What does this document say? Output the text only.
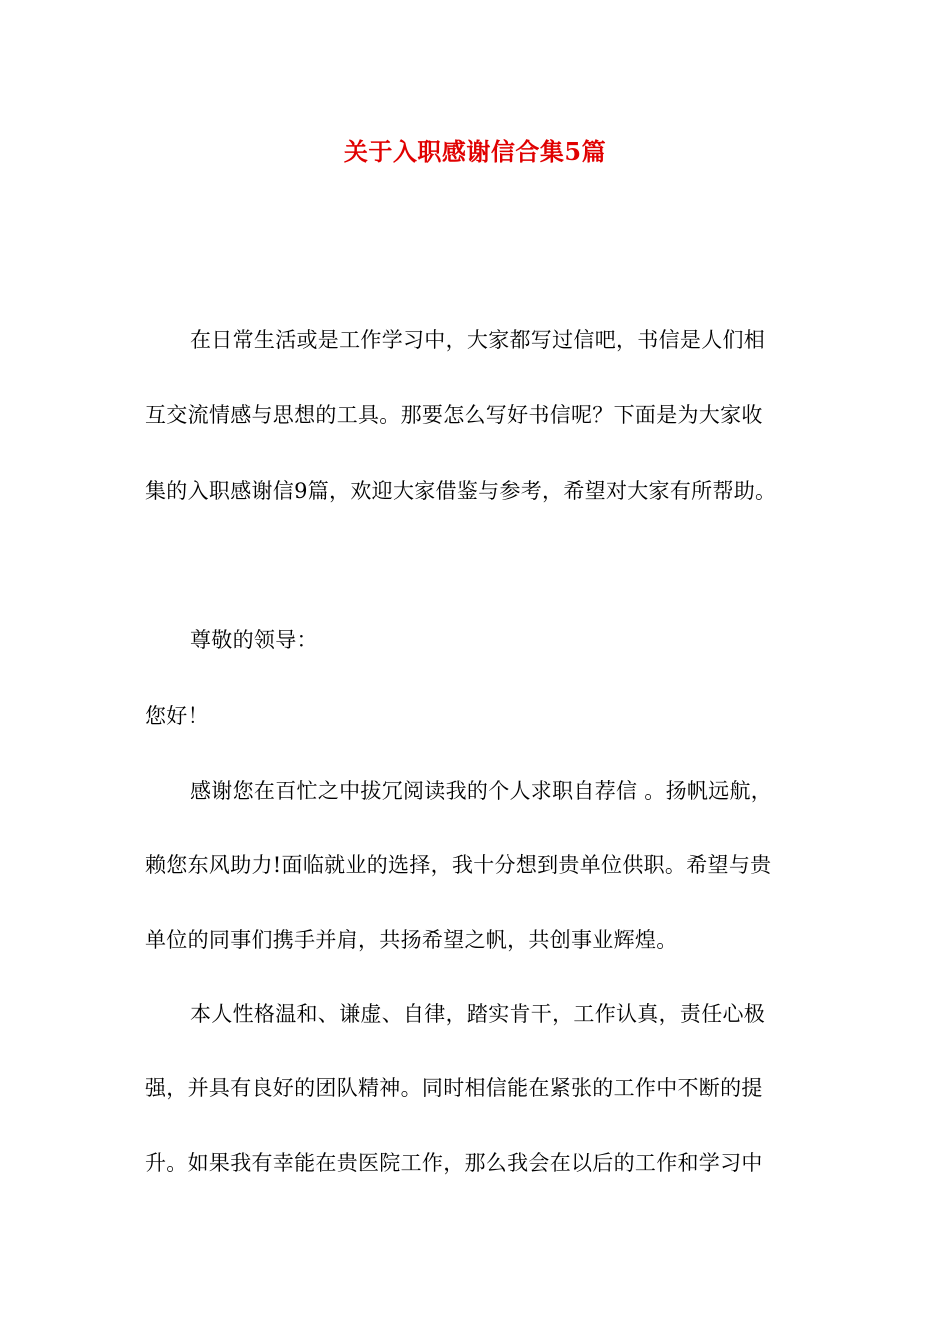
关于入职感谢信合集5篇
在日常生活或是工作学习中，大家都写过信吧，书信是人们相
互交流情感与思想的工具。那要怎么写好书信呢？下面是为大家收
集的入职感谢信9篇，欢迎大家借鉴与参考，希望对大家有所帮助。
尊敬的领导：
您好！
感谢您在百忙之中拔冗阅读我的个人求职自荐信 。扬帆远航，
赖您东风助力!面临就业的选择，我十分想到贵单位供职。希望与贵
单位的同事们携手并肩，共扬希望之帆，共创事业辉煌。
本人性格温和、谦虚、自律，踏实肯干，工作认真，责任心极
强，并具有良好的团队精神。同时相信能在紧张的工作中不断的提
升。如果我有幸能在贵医院工作，那么我会在以后的工作和学习中
